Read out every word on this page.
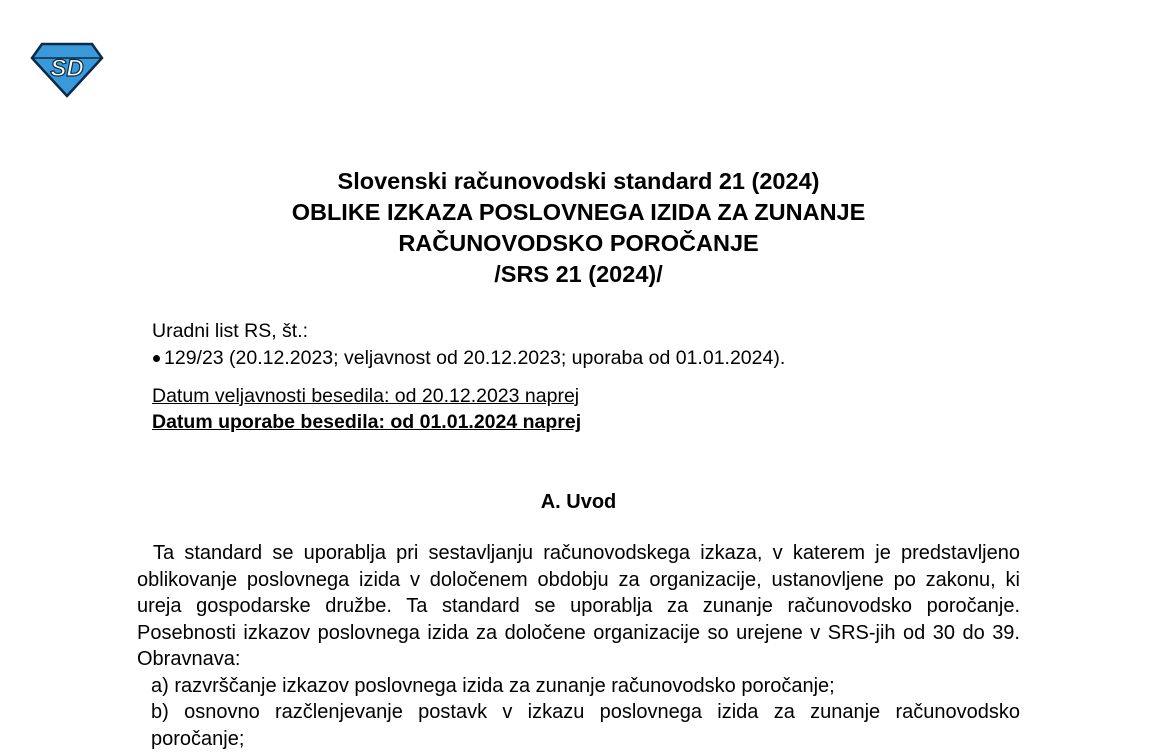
SD
Slovenski računovodski standard 21 (2024)
OBLIKE IZKAZA POSLOVNEGA IZIDA ZA ZUNANJE
RAČUNOVODSKO POROČANJE
/SRS 21 (2024)/
Uradni list RS, št.:
129/23 (20.12.2023; veljavnost od 20.12.2023; uporaba od 01.01.2024).
Datum veljavnosti besedila: od 20.12.2023 naprej
Datum uporabe besedila: od 01.01.2024 naprej
A. Uvod

Ta standard se uporablja pri sestavljanju računovodskega izkaza, v katerem je predstavljeno oblikovanje poslovnega izida v določenem obdobju za organizacije, ustanovljene po zakonu, ki ureja gospodarske družbe. Ta standard se uporablja za zunanje računovodsko poročanje. Posebnosti izkazov poslovnega izida za določene organizacije so urejene v SRS-jih od 30 do 39. Obravnava:

a) razvrščanje izkazov poslovnega izida za zunanje računovodsko poročanje;

b) osnovno razčlenjevanje postavk v izkazu poslovnega izida za zunanje računovodsko poročanje;
